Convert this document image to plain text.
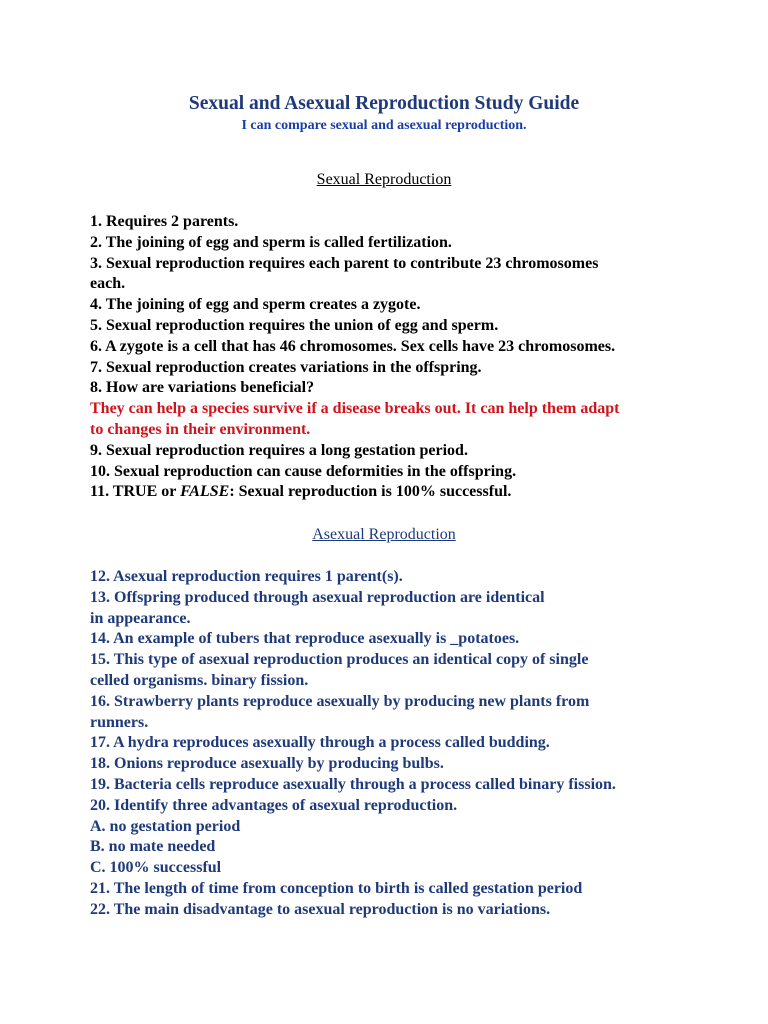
Sexual and Asexual Reproduction Study Guide
I can compare sexual and asexual reproduction.
Sexual Reproduction
1. Requires 2 parents.
2. The joining of egg and sperm is called fertilization.
3. Sexual reproduction requires each parent to contribute 23 chromosomes
each.
4. The joining of egg and sperm creates a zygote.
5. Sexual reproduction requires the union of egg and sperm.
6. A zygote is a cell that has 46 chromosomes. Sex cells have 23 chromosomes.
7. Sexual reproduction creates variations in the offspring.
8. How are variations beneficial?
They can help a species survive if a disease breaks out. It can help them adapt
to changes in their environment.
9. Sexual reproduction requires a long gestation period.
10. Sexual reproduction can cause deformities in the offspring.
11. TRUE or FALSE: Sexual reproduction is 100% successful.
Asexual Reproduction
12. Asexual reproduction requires 1 parent(s).
13. Offspring produced through asexual reproduction are identical
in appearance.
14. An example of tubers that reproduce asexually is _potatoes.
15. This type of asexual reproduction produces an identical copy of single
celled organisms. binary fission.
16. Strawberry plants reproduce asexually by producing new plants from
runners.
17. A hydra reproduces asexually through a process called budding.
18. Onions reproduce asexually by producing bulbs.
19. Bacteria cells reproduce asexually through a process called binary fission.
20. Identify three advantages of asexual reproduction.
A. no gestation period
B. no mate needed
C. 100% successful
21. The length of time from conception to birth is called gestation period
22. The main disadvantage to asexual reproduction is no variations.
